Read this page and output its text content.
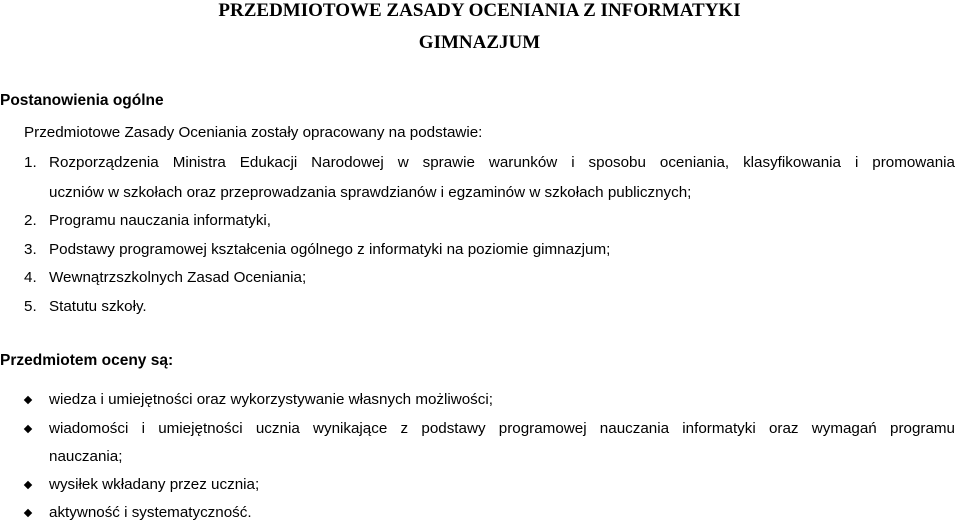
PRZEDMIOTOWE ZASADY OCENIANIA Z INFORMATYKI
GIMNAZJUM
Postanowienia ogólne

Przedmiotowe Zasady Oceniania zostały opracowany na podstawie:

1. Rozporządzenia Ministra Edukacji Narodowej w sprawie warunków i sposobu oceniania, klasyfikowania i promowania
uczniów w szkołach oraz przeprowadzania sprawdzianów i egzaminów w szkołach publicznych;
2. Programu nauczania informatyki,
3. Podstawy programowej kształcenia ogólnego z informatyki na poziomie gimnazjum;
4. Wewnątrzszkolnych Zasad Oceniania;
5. Statutu szkoły.
Przedmiotem oceny są:
wiedza i umiejętności oraz wykorzystywanie własnych możliwości;
wiadomości i umiejętności ucznia wynikające z podstawy programowej nauczania informatyki oraz wymagań programu
nauczania;
wysiłek wkładany przez ucznia;
aktywność i systematyczność.
